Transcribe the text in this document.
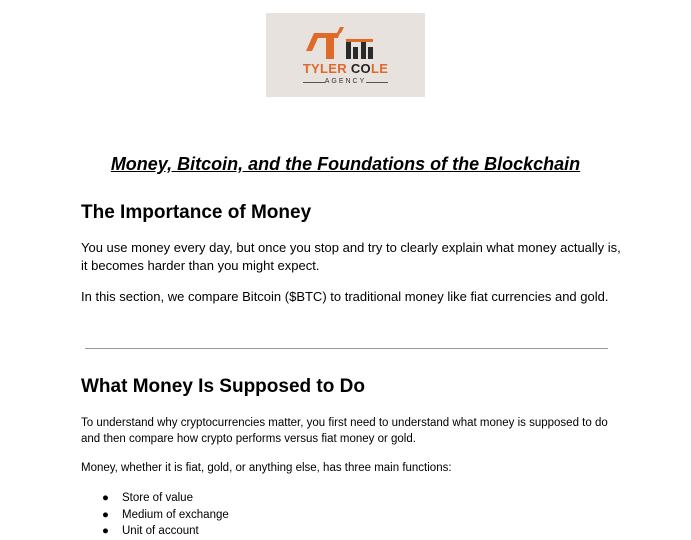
TYLER COLE
AGENCY
Money, Bitcoin, and the Foundations of the Blockchain
The Importance of Money

You use money every day, but once you stop and try to clearly explain what money actually is, it becomes harder than you might expect.

In this section, we compare Bitcoin ($BTC) to traditional money like fiat currencies and gold.

What Money Is Supposed to Do

To understand why cryptocurrencies matter, you first need to understand what money is supposed to do and then compare how crypto performs versus fiat money or gold.

Money, whether it is fiat, gold, or anything else, has three main functions:

● Store of value
● Medium of exchange
● Unit of account
